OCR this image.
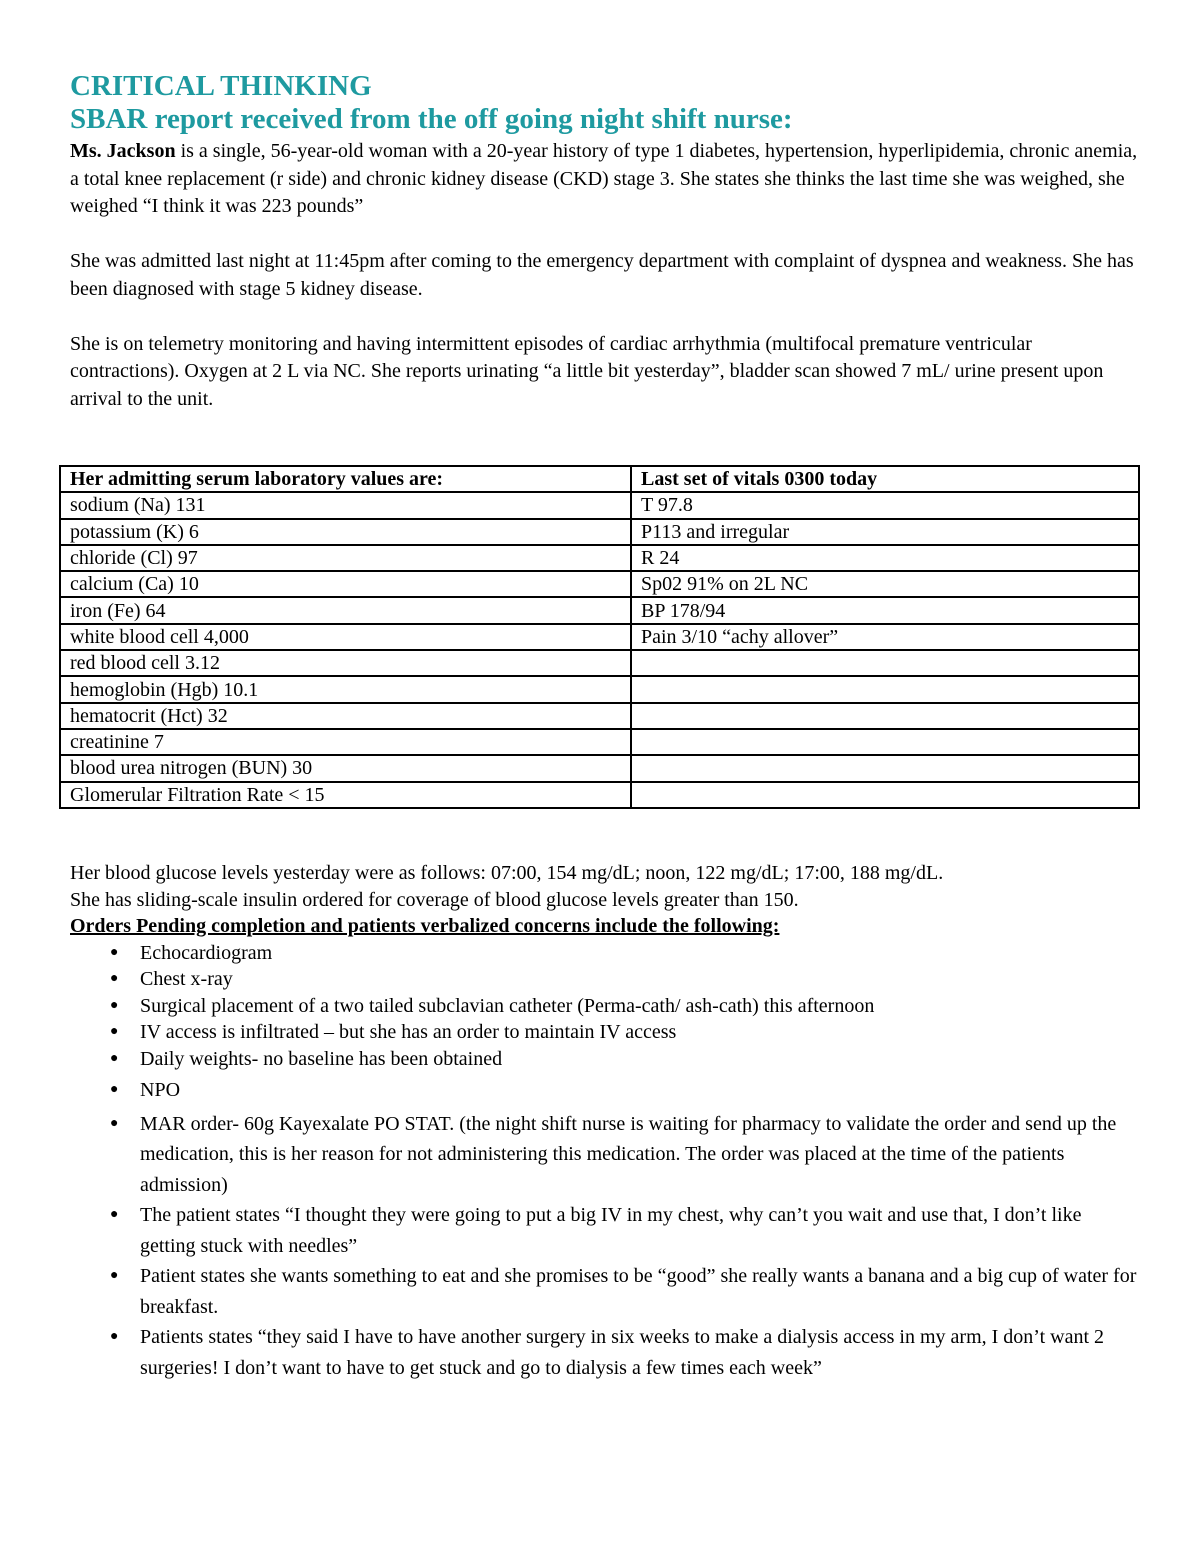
CRITICAL THINKING
SBAR report received from the off going night shift nurse:

Ms. Jackson is a single, 56-year-old woman with a 20-year history of type 1 diabetes, hypertension, hyperlipidemia, chronic anemia, a total knee replacement (r side) and chronic kidney disease (CKD) stage 3. She states she thinks the last time she was weighed, she weighed “I think it was 223 pounds”

She was admitted last night at 11:45pm after coming to the emergency department with complaint of dyspnea and weakness. She has been diagnosed with stage 5 kidney disease.

She is on telemetry monitoring and having intermittent episodes of cardiac arrhythmia (multifocal premature ventricular contractions). Oxygen at 2 L via NC. She reports urinating “a little bit yesterday”, bladder scan showed 7 mL/ urine present upon arrival to the unit.

Her admitting serum laboratory values are:	Last set of vitals 0300 today
sodium (Na) 131	T 97.8
potassium (K) 6	P113 and irregular
chloride (Cl) 97	R 24
calcium (Ca) 10	Sp02 91% on 2L NC
iron (Fe) 64	BP 178/94
white blood cell 4,000	Pain 3/10 “achy allover”
red blood cell 3.12	
hemoglobin (Hgb) 10.1	
hematocrit (Hct) 32	
creatinine 7	
blood urea nitrogen (BUN) 30	
Glomerular Filtration Rate < 15	
Her blood glucose levels yesterday were as follows: 07:00, 154 mg/dL; noon, 122 mg/dL; 17:00, 188 mg/dL.
She has sliding-scale insulin ordered for coverage of blood glucose levels greater than 150.
Orders Pending completion and patients verbalized concerns include the following:
● Echocardiogram
● Chest x-ray
● Surgical placement of a two tailed subclavian catheter (Perma-cath/ ash-cath) this afternoon
● IV access is infiltrated – but she has an order to maintain IV access
● Daily weights- no baseline has been obtained
● NPO
● MAR order- 60g Kayexalate PO STAT. (the night shift nurse is waiting for pharmacy to validate the order and send up the medication, this is her reason for not administering this medication. The order was placed at the time of the patients admission)
● The patient states “I thought they were going to put a big IV in my chest, why can’t you wait and use that, I don’t like getting stuck with needles”
● Patient states she wants something to eat and she promises to be “good” she really wants a banana and a big cup of water for breakfast.
● Patients states “they said I have to have another surgery in six weeks to make a dialysis access in my arm, I don’t want 2 surgeries! I don’t want to have to get stuck and go to dialysis a few times each week”
